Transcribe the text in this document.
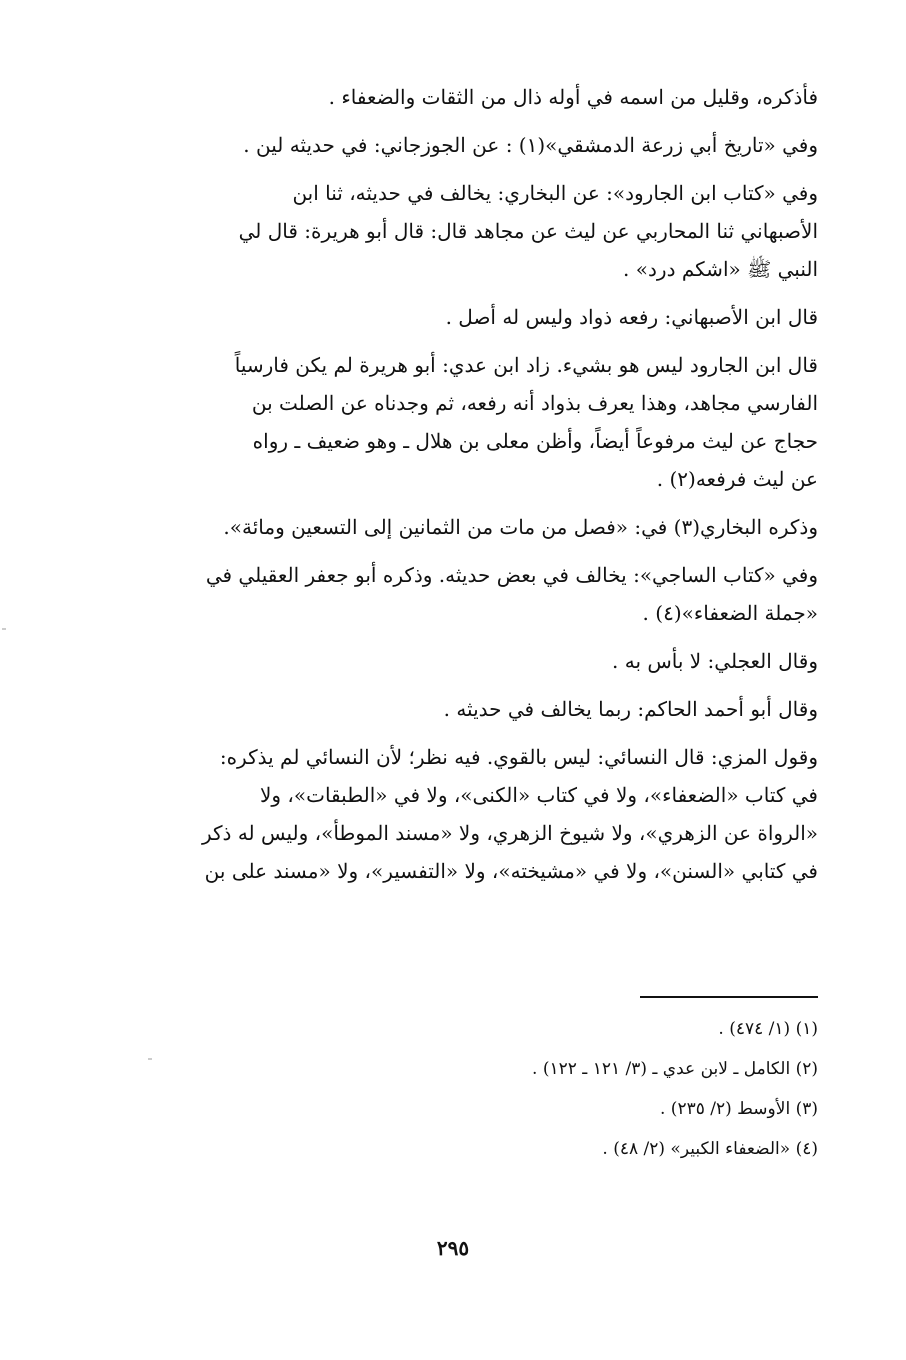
فأذكره، وقليل من اسمه في أوله ذال من الثقات والضعفاء .

وفي «تاريخ أبي زرعة الدمشقي»(١) : عن الجوزجاني: في حديثه لين .

وفي «كتاب ابن الجارود»: عن البخاري: يخالف في حديثه، ثنا ابن
الأصبهاني ثنا المحاربي عن ليث عن مجاهد قال: قال أبو هريرة: قال لي
النبي ﷺ «اشكم درد» .

قال ابن الأصبهاني: رفعه ذواد وليس له أصل .

قال ابن الجارود ليس هو بشيء. زاد ابن عدي: أبو هريرة لم يكن فارسياً
الفارسي مجاهد، وهذا يعرف بذواد أنه رفعه، ثم وجدناه عن الصلت بن
حجاج عن ليث مرفوعاً أيضاً، وأظن معلى بن هلال ـ وهو ضعيف ـ رواه
عن ليث فرفعه(٢) .

وذكره البخاري(٣) في: «فصل من مات من الثمانين إلى التسعين ومائة».

وفي «كتاب الساجي»: يخالف في بعض حديثه. وذكره أبو جعفر العقيلي في
«جملة الضعفاء»(٤) .

وقال العجلي: لا بأس به .

وقال أبو أحمد الحاكم: ربما يخالف في حديثه .

وقول المزي: قال النسائي: ليس بالقوي. فيه نظر؛ لأن النسائي لم يذكره:
في كتاب «الضعفاء»، ولا في كتاب «الكنى»، ولا في «الطبقات»، ولا
«الرواة عن الزهري»، ولا شيوخ الزهري، ولا «مسند الموطأ»، وليس له ذكر
في كتابي «السنن»، ولا في «مشيخته»، ولا «التفسير»، ولا «مسند على بن

(١) (١/ ٤٧٤) .

(٢) الكامل ـ لابن عدي ـ (٣/ ١٢١ ـ ١٢٢) .

(٣) الأوسط (٢/ ٢٣٥) .

(٤) «الضعفاء الكبير» (٢/ ٤٨) .

٢٩٥
